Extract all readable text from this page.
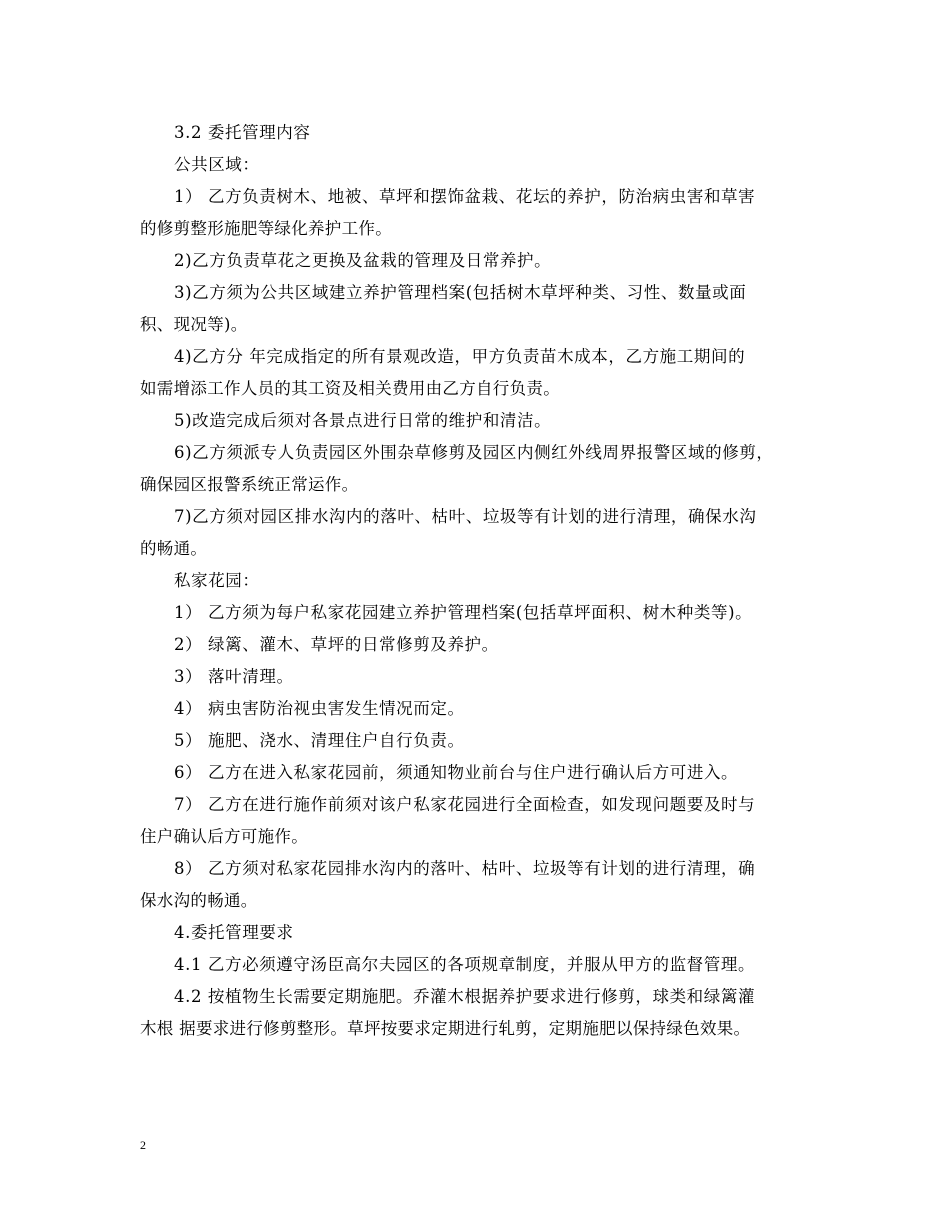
3.2 委托管理内容
公共区域：
1） 乙方负责树木、地被、草坪和摆饰盆栽、花坛的养护，防治病虫害和草害
的修剪整形施肥等绿化养护工作。
2)乙方负责草花之更换及盆栽的管理及日常养护。
3)乙方须为公共区域建立养护管理档案(包括树木草坪种类、习性、数量或面
积、现况等)。
4)乙方分 年完成指定的所有景观改造，甲方负责苗木成本，乙方施工期间的
如需增添工作人员的其工资及相关费用由乙方自行负责。
5)改造完成后须对各景点进行日常的维护和清洁。
6)乙方须派专人负责园区外围杂草修剪及园区内侧红外线周界报警区域的修剪，
确保园区报警系统正常运作。
7)乙方须对园区排水沟内的落叶、枯叶、垃圾等有计划的进行清理，确保水沟
的畅通。
私家花园：
1） 乙方须为每户私家花园建立养护管理档案(包括草坪面积、树木种类等)。
2） 绿篱、灌木、草坪的日常修剪及养护。
3） 落叶清理。
4） 病虫害防治视虫害发生情况而定。
5） 施肥、浇水、清理住户自行负责。
6） 乙方在进入私家花园前，须通知物业前台与住户进行确认后方可进入。
7） 乙方在进行施作前须对该户私家花园进行全面检查，如发现问题要及时与
住户确认后方可施作。
8） 乙方须对私家花园排水沟内的落叶、枯叶、垃圾等有计划的进行清理，确
保水沟的畅通。
4.委托管理要求
4.1 乙方必须遵守汤臣高尔夫园区的各项规章制度，并服从甲方的监督管理。
4.2 按植物生长需要定期施肥。乔灌木根据养护要求进行修剪，球类和绿篱灌
木根 据要求进行修剪整形。草坪按要求定期进行轧剪，定期施肥以保持绿色效果。
2
